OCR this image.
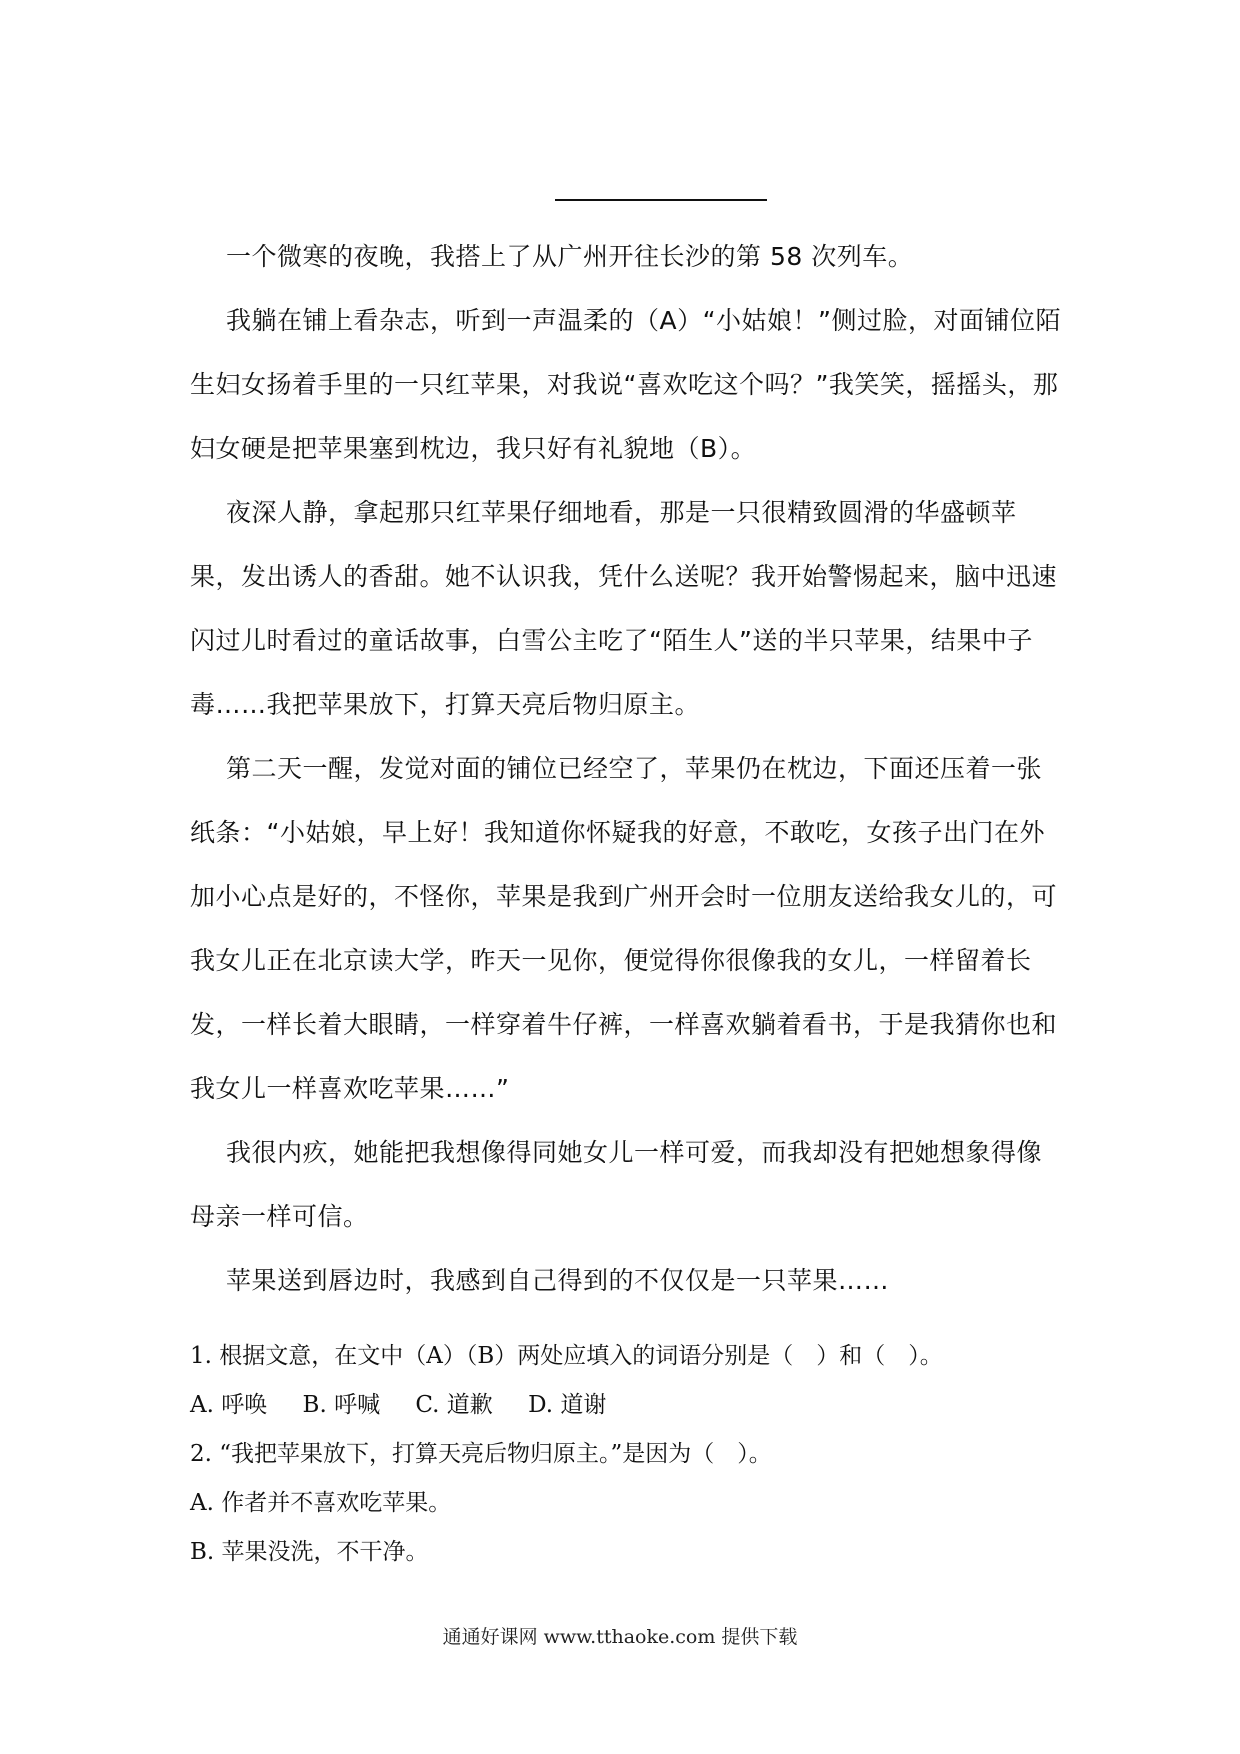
一个微寒的夜晚，我搭上了从广州开往长沙的第 58 次列车。

我躺在铺上看杂志，听到一声温柔的（A）“小姑娘！”侧过脸，对面铺位陌生妇女扬着手里的一只红苹果，对我说“喜欢吃这个吗？”我笑笑，摇摇头，那妇女硬是把苹果塞到枕边，我只好有礼貌地（B）。

夜深人静，拿起那只红苹果仔细地看，那是一只很精致圆滑的华盛顿苹果，发出诱人的香甜。她不认识我，凭什么送呢？我开始警惕起来，脑中迅速闪过儿时看过的童话故事，白雪公主吃了“陌生人”送的半只苹果，结果中子毒……我把苹果放下，打算天亮后物归原主。

第二天一醒，发觉对面的铺位已经空了，苹果仍在枕边，下面还压着一张纸条：“小姑娘，早上好！我知道你怀疑我的好意，不敢吃，女孩子出门在外加小心点是好的，不怪你，苹果是我到广州开会时一位朋友送给我女儿的，可我女儿正在北京读大学，昨天一见你，便觉得你很像我的女儿，一样留着长发，一样长着大眼睛，一样穿着牛仔裤，一样喜欢躺着看书，于是我猜你也和我女儿一样喜欢吃苹果……”

我很内疚，她能把我想像得同她女儿一样可爱，而我却没有把她想象得像母亲一样可信。

苹果送到唇边时，我感到自己得到的不仅仅是一只苹果……

1. 根据文意，在文中（A）（B）两处应填入的词语分别是（　）和（　）。

A. 呼唤 B. 呼喊 C. 道歉 D. 道谢

2. “我把苹果放下，打算天亮后物归原主。”是因为（　）。

A. 作者并不喜欢吃苹果。

B. 苹果没洗，不干净。

通通好课网 www.tthaoke.com 提供下载
